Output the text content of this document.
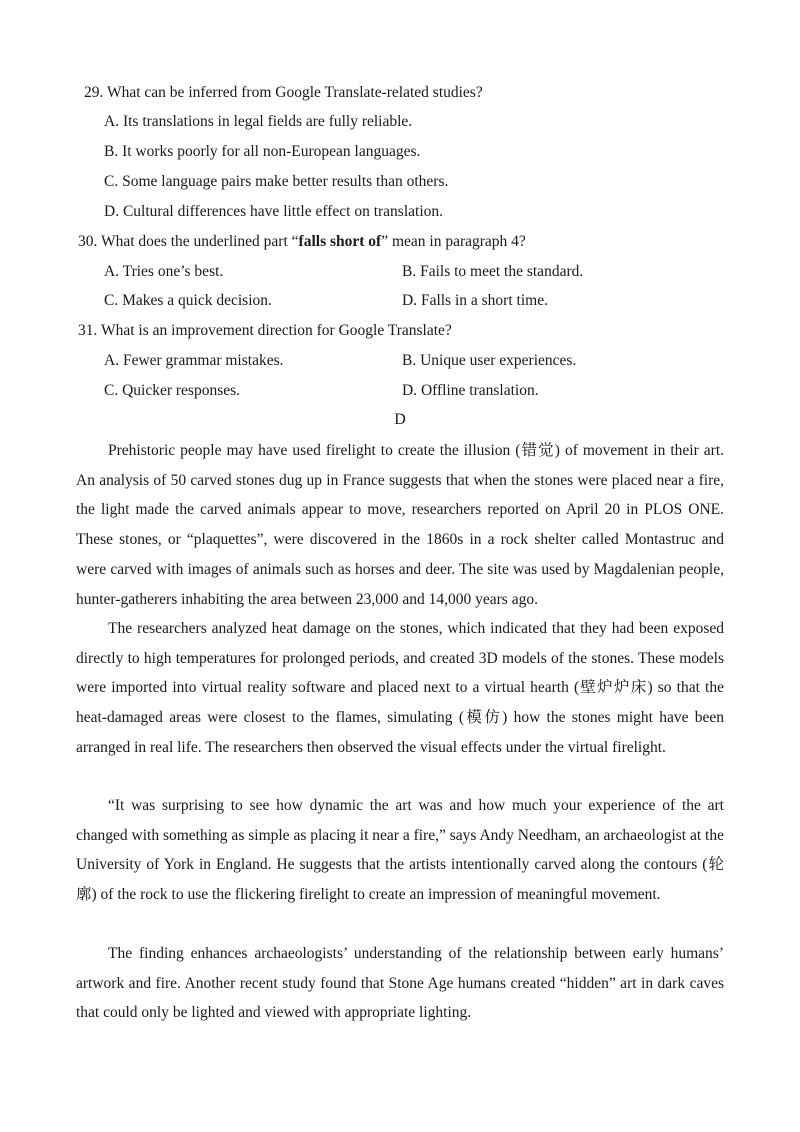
29. What can be inferred from Google Translate-related studies?
A. Its translations in legal fields are fully reliable.
B. It works poorly for all non-European languages.
C. Some language pairs make better results than others.
D. Cultural differences have little effect on translation.
30. What does the underlined part “falls short of” mean in paragraph 4?
A. Tries one’s best.	B. Fails to meet the standard.
C. Makes a quick decision.	D. Falls in a short time.
31. What is an improvement direction for Google Translate?
A. Fewer grammar mistakes.	B. Unique user experiences.
C. Quicker responses.	D. Offline translation.
D

Prehistoric people may have used firelight to create the illusion (错觉) of movement in their art. An analysis of 50 carved stones dug up in France suggests that when the stones were placed near a fire, the light made the carved animals appear to move, researchers reported on April 20 in PLOS ONE. These stones, or “plaquettes”, were discovered in the 1860s in a rock shelter called Montastruc and were carved with images of animals such as horses and deer. The site was used by Magdalenian people, hunter-gatherers inhabiting the area between 23,000 and 14,000 years ago.

The researchers analyzed heat damage on the stones, which indicated that they had been exposed directly to high temperatures for prolonged periods, and created 3D models of the stones. These models were imported into virtual reality software and placed next to a virtual hearth (壁炉炉床) so that the heat-damaged areas were closest to the flames, simulating (模仿) how the stones might have been arranged in real life. The researchers then observed the visual effects under the virtual firelight.

“It was surprising to see how dynamic the art was and how much your experience of the art changed with something as simple as placing it near a fire,” says Andy Needham, an archaeologist at the University of York in England. He suggests that the artists intentionally carved along the contours (轮廓) of the rock to use the flickering firelight to create an impression of meaningful movement.

The finding enhances archaeologists’ understanding of the relationship between early humans’ artwork and fire. Another recent study found that Stone Age humans created “hidden” art in dark caves that could only be lighted and viewed with appropriate lighting.
